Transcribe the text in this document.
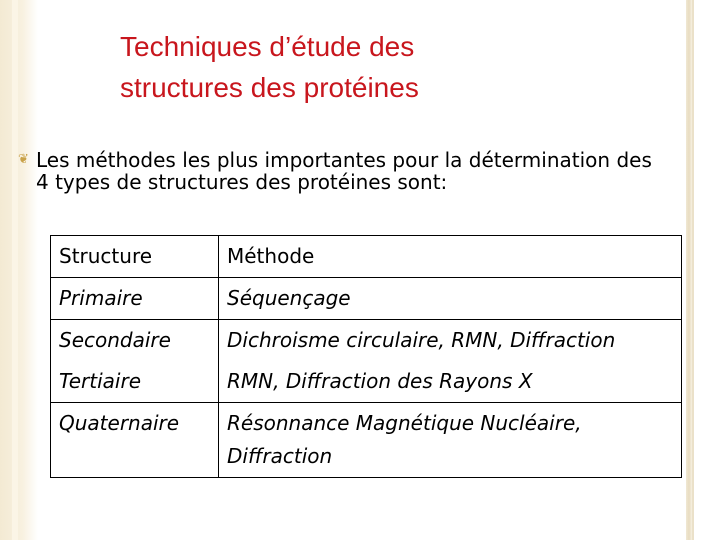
Techniques d’étude des
structures des protéines
❦ Les méthodes les plus importantes pour la détermination des 4 types de structures des protéines sont:
Structure	Méthode
Primaire	Séquençage
Secondaire	Dichroisme circulaire, RMN, Diffraction
Tertiaire	RMN, Diffraction des Rayons X
Quaternaire	Résonnance Magnétique Nucléaire, Diffraction
